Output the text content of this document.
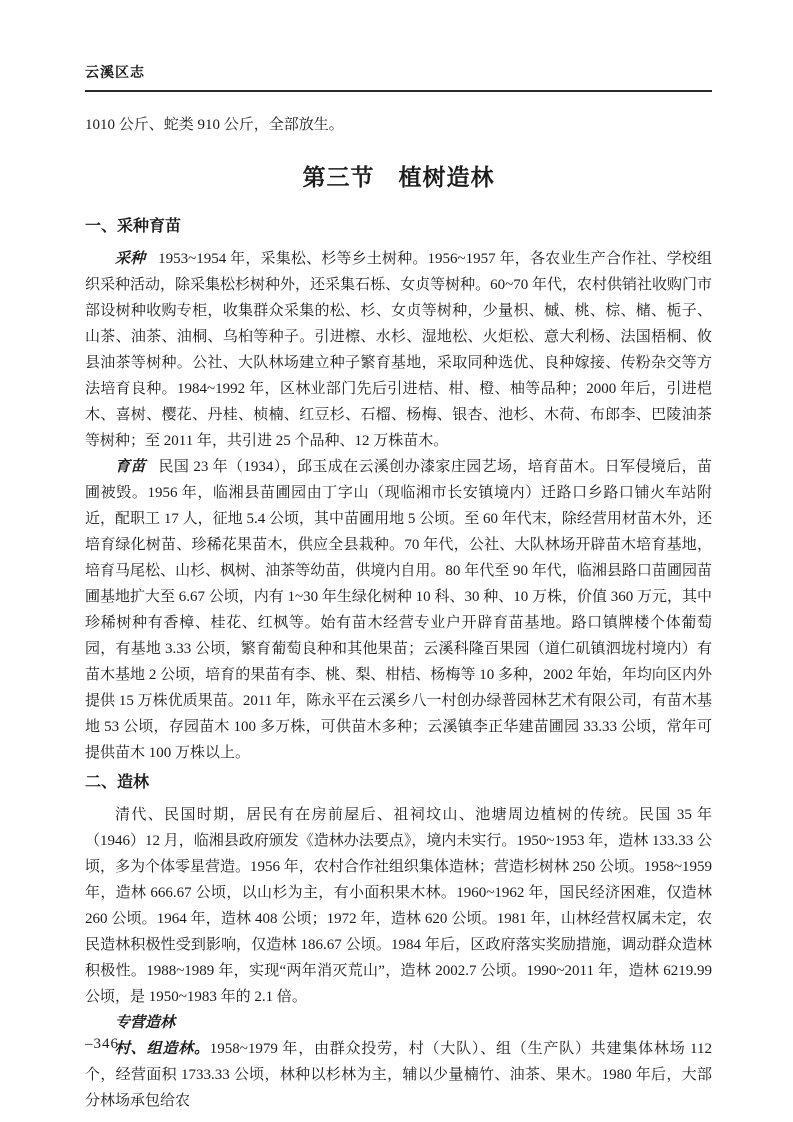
云溪区志

1010 公斤、蛇类 910 公斤，全部放生。

第三节　植树造林
一、采种育苗

采种 1953~1954 年，采集松、杉等乡土树种。1956~1957 年，各农业生产合作社、学校组织采种活动，除采集松杉树种外，还采集石栎、女贞等树种。60~70 年代，农村供销社收购门市部设树种收购专柜，收集群众采集的松、杉、女贞等树种，少量枳、槭、桃、棕、槠、栀子、山茶、油茶、油桐、乌桕等种子。引进檫、水杉、湿地松、火炬松、意大利杨、法国梧桐、攸县油茶等树种。公社、大队林场建立种子繁育基地，采取同种选优、良种嫁接、传粉杂交等方法培育良种。1984~1992 年，区林业部门先后引进桔、柑、橙、柚等品种；2000 年后，引进桤木、喜树、樱花、丹桂、桢楠、红豆杉、石榴、杨梅、银杏、池杉、木荷、布郎李、巴陵油茶等树种；至 2011 年，共引进 25 个品种、12 万株苗木。

育苗 民国 23 年（1934），邱玉成在云溪创办漆家庄园艺场，培育苗木。日军侵境后，苗圃被毁。1956 年，临湘县苗圃园由丁字山（现临湘市长安镇境内）迁路口乡路口铺火车站附近，配职工 17 人，征地 5.4 公顷，其中苗圃用地 5 公顷。至 60 年代末，除经营用材苗木外，还培育绿化树苗、珍稀花果苗木，供应全县栽种。70 年代，公社、大队林场开辟苗木培育基地，培育马尾松、山杉、枫树、油茶等幼苗，供境内自用。80 年代至 90 年代，临湘县路口苗圃园苗圃基地扩大至 6.67 公顷，内有 1~30 年生绿化树种 10 科、30 种、10 万株，价值 360 万元，其中珍稀树种有香樟、桂花、红枫等。始有苗木经营专业户开辟育苗基地。路口镇牌楼个体葡萄园，有基地 3.33 公顷，繁育葡萄良种和其他果苗；云溪科隆百果园（道仁矶镇泗垅村境内）有苗木基地 2 公顷，培育的果苗有李、桃、梨、柑桔、杨梅等 10 多种，2002 年始，年均向区内外提供 15 万株优质果苗。2011 年，陈永平在云溪乡八一村创办绿普园林艺术有限公司，有苗木基地 53 公顷，存园苗木 100 多万株，可供苗木多种；云溪镇李正华建苗圃园 33.33 公顷，常年可提供苗木 100 万株以上。

二、造林

清代、民国时期，居民有在房前屋后、祖祠坟山、池塘周边植树的传统。民国 35 年（1946）12 月，临湘县政府颁发《造林办法要点》，境内未实行。1950~1953 年，造林 133.33 公顷，多为个体零星营造。1956 年，农村合作社组织集体造林；营造杉树林 250 公顷。1958~1959 年，造林 666.67 公顷，以山杉为主，有小面积果木林。1960~1962 年，国民经济困难，仅造林 260 公顷。1964 年，造林 408 公顷；1972 年，造林 620 公顷。1981 年，山林经营权属未定，农民造林积极性受到影响，仅造林 186.67 公顷。1984 年后，区政府落实奖励措施，调动群众造林积极性。1988~1989 年，实现“两年消灭荒山”，造林 2002.7 公顷。1990~2011 年，造林 6219.99 公顷，是 1950~1983 年的 2.1 倍。

专营造林

村、组造林。1958~1979 年，由群众投劳，村（大队）、组（生产队）共建集体林场 112 个，经营面积 1733.33 公顷，林种以杉林为主，辅以少量楠竹、油茶、果木。1980 年后，大部分林场承包给农

–346–
